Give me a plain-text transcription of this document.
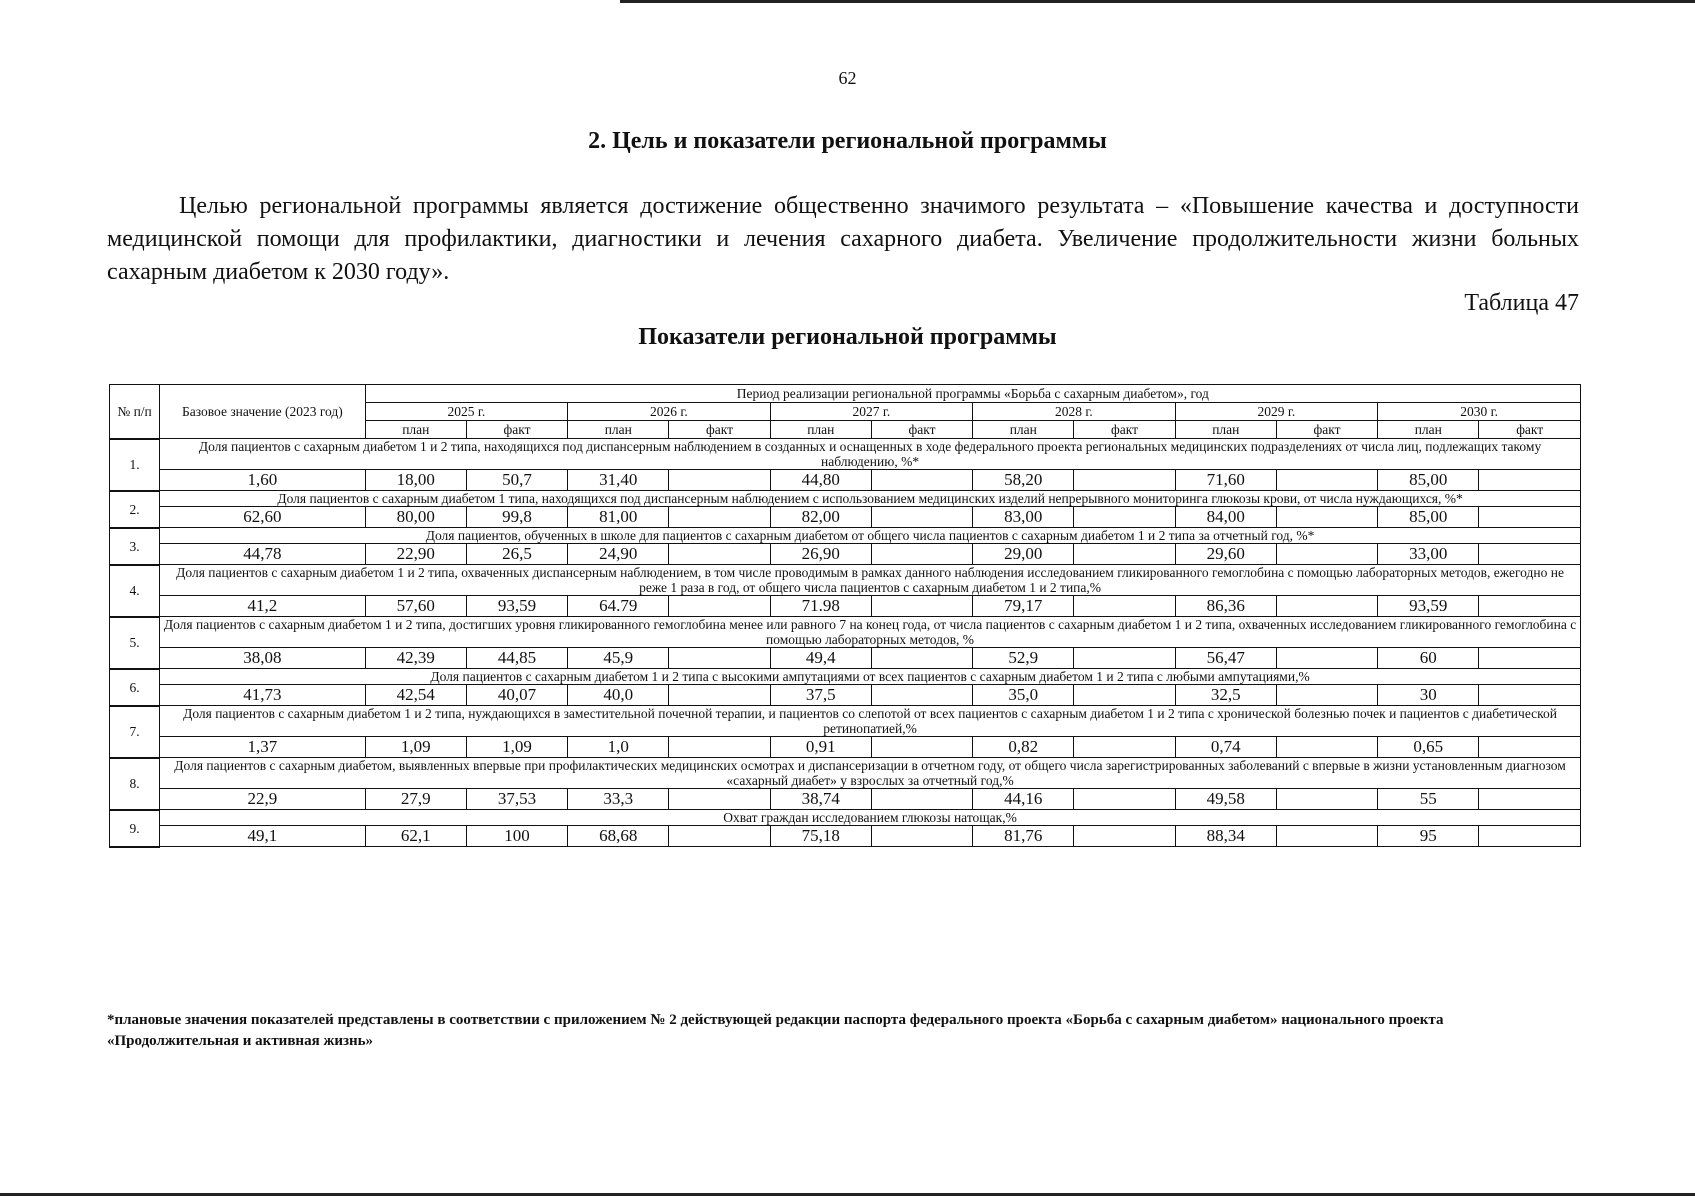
62
2. Цель и показатели региональной программы

Целью региональной программы является достижение общественно значимого результата – «Повышение качества и доступности медицинской помощи для профилактики, диагностики и лечения сахарного диабета. Увеличение продолжительности жизни больных сахарным диабетом к 2030 году».

Таблица 47
Показатели региональной программы
№ п/п	Базовое значение (2023 год)	Период реализации региональной программы «Борьба с сахарным диабетом», год											
		2025 г.		2026 г.		2027 г.		2028 г.		2029 г.		2030 г.	
		план	факт	план	факт	план	факт	план	факт	план	факт	план	факт
1.	Доля пациентов с сахарным диабетом 1 и 2 типа, находящихся под диспансерным наблюдением в созданных и оснащенных в ходе федерального проекта региональных медицинских подразделениях от числа лиц, подлежащих такому наблюдению, %*												
	1,60	18,00	50,7	31,40		44,80		58,20		71,60		85,00	
2.	Доля пациентов с сахарным диабетом 1 типа, находящихся под диспансерным наблюдением с использованием медицинских изделий непрерывного мониторинга глюкозы крови, от числа нуждающихся, %*												
	62,60	80,00	99,8	81,00		82,00		83,00		84,00		85,00	
3.	Доля пациентов, обученных в школе для пациентов с сахарным диабетом от общего числа пациентов с сахарным диабетом 1 и 2 типа за отчетный год, %*												
	44,78	22,90	26,5	24,90		26,90		29,00		29,60		33,00	
4.	Доля пациентов с сахарным диабетом 1 и 2 типа, охваченных диспансерным наблюдением, в том числе проводимым в рамках данного наблюдения исследованием гликированного гемоглобина с помощью лабораторных методов, ежегодно не реже 1 раза в год, от общего числа пациентов с сахарным диабетом 1 и 2 типа,%												
	41,2	57,60	93,59	64.79		71.98		79,17		86,36		93,59	
5.	Доля пациентов с сахарным диабетом 1 и 2 типа, достигших уровня гликированного гемоглобина менее или равного 7 на конец года, от числа пациентов с сахарным диабетом 1 и 2 типа, охваченных исследованием гликированного гемоглобина с помощью лабораторных методов, %												
	38,08	42,39	44,85	45,9		49,4		52,9		56,47		60	
6.	Доля пациентов с сахарным диабетом 1 и 2 типа с высокими ампутациями от всех пациентов с сахарным диабетом 1 и 2 типа с любыми ампутациями,%												
	41,73	42,54	40,07	40,0		37,5		35,0		32,5		30	
7.	Доля пациентов с сахарным диабетом 1 и 2 типа, нуждающихся в заместительной почечной терапии, и пациентов со слепотой от всех пациентов с сахарным диабетом 1 и 2 типа с хронической болезнью почек и пациентов с диабетической ретинопатией,%												
	1,37	1,09	1,09	1,0		0,91		0,82		0,74		0,65	
8.	Доля пациентов с сахарным диабетом, выявленных впервые при профилактических медицинских осмотрах и диспансеризации в отчетном году, от общего числа зарегистрированных заболеваний с впервые в жизни установленным диагнозом «сахарный диабет» у взрослых за отчетный год,%												
	22,9	27,9	37,53	33,3		38,74		44,16		49,58		55	
9.	Охват граждан исследованием глюкозы натощак,%												
	49,1	62,1	100	68,68		75,18		81,76		88,34		95	

*плановые значения показателей представлены в соответствии с приложением № 2 действующей редакции паспорта федерального проекта «Борьба с сахарным диабетом» национального проекта «Продолжительная и активная жизнь»
